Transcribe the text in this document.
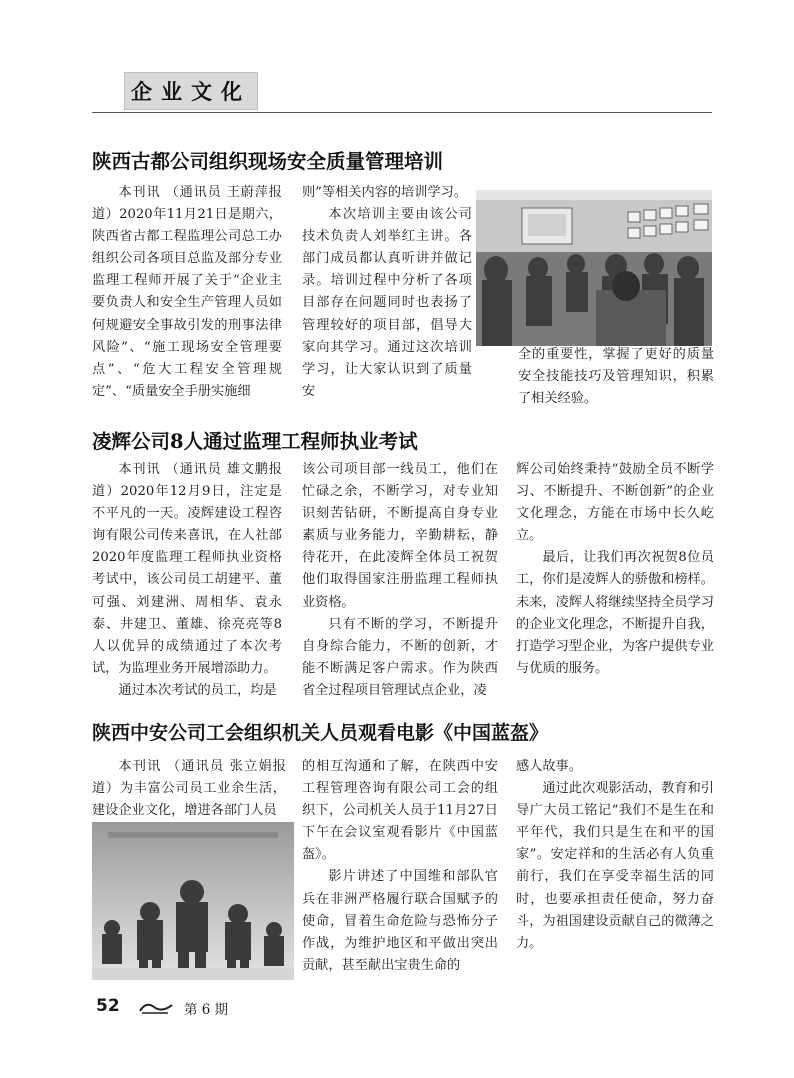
企业文化
陕西古都公司组织现场安全质量管理培训

本刊讯 （通讯员 王蔚萍报道）2020年11月21日是期六，陕西省古都工程监理公司总工办组织公司各项目总监及部分专业监理工程师开展了关于“企业主要负责人和安全生产管理人员如何规避安全事故引发的刑事法律风险”、“施工现场安全管理要点”、“危大工程安全管理规定”、“质量安全手册实施细

则”等相关内容的培训学习。

本次培训主要由该公司技术负责人刘举红主讲。各部门成员都认真听讲并做记录。培训过程中分析了各项目部存在问题同时也表扬了管理较好的项目部，倡导大家向其学习。通过这次培训学习，让大家认识到了质量安

全的重要性，掌握了更好的质量安全技能技巧及管理知识，积累了相关经验。

凌辉公司8人通过监理工程师执业考试

本刊讯 （通讯员 雄文鹏报道）2020年12月9日，注定是不平凡的一天。凌辉建设工程咨询有限公司传来喜讯，在人社部2020年度监理工程师执业资格考试中，该公司员工胡建平、董可强、刘建洲、周相华、袁永泰、井建卫、董雄、徐亮亮等8人以优异的成绩通过了本次考试，为监理业务开展增添助力。

通过本次考试的员工，均是

该公司项目部一线员工，他们在忙碌之余，不断学习，对专业知识刻苦钻研，不断提高自身专业素质与业务能力，辛勤耕耘，静待花开，在此凌辉全体员工祝贺他们取得国家注册监理工程师执业资格。

只有不断的学习，不断提升自身综合能力，不断的创新，才能不断满足客户需求。作为陕西省全过程项目管理试点企业，凌

辉公司始终秉持“鼓励全员不断学习、不断提升、不断创新”的企业文化理念，方能在市场中长久屹立。

最后，让我们再次祝贺8位员工，你们是凌辉人的骄傲和榜样。未来，凌辉人将继续坚持全员学习的企业文化理念，不断提升自我，打造学习型企业，为客户提供专业与优质的服务。

陕西中安公司工会组织机关人员观看电影《中国蓝盔》

本刊讯 （通讯员 张立娟报道）为丰富公司员工业余生活，建设企业文化，增进各部门人员

的相互沟通和了解，在陕西中安工程管理咨询有限公司工会的组织下，公司机关人员于11月27日下午在会议室观看影片《中国蓝盔》。

影片讲述了中国维和部队官兵在非洲严格履行联合国赋予的使命，冒着生命危险与恐怖分子作战，为维护地区和平做出突出贡献，甚至献出宝贵生命的

感人故事。

通过此次观影活动，教育和引导广大员工铭记“我们不是生在和平年代，我们只是生在和平的国家”。安定祥和的生活必有人负重前行，我们在享受幸福生活的同时，也要承担责任使命，努力奋斗，为祖国建设贡献自己的微薄之力。

52	第 6 期
